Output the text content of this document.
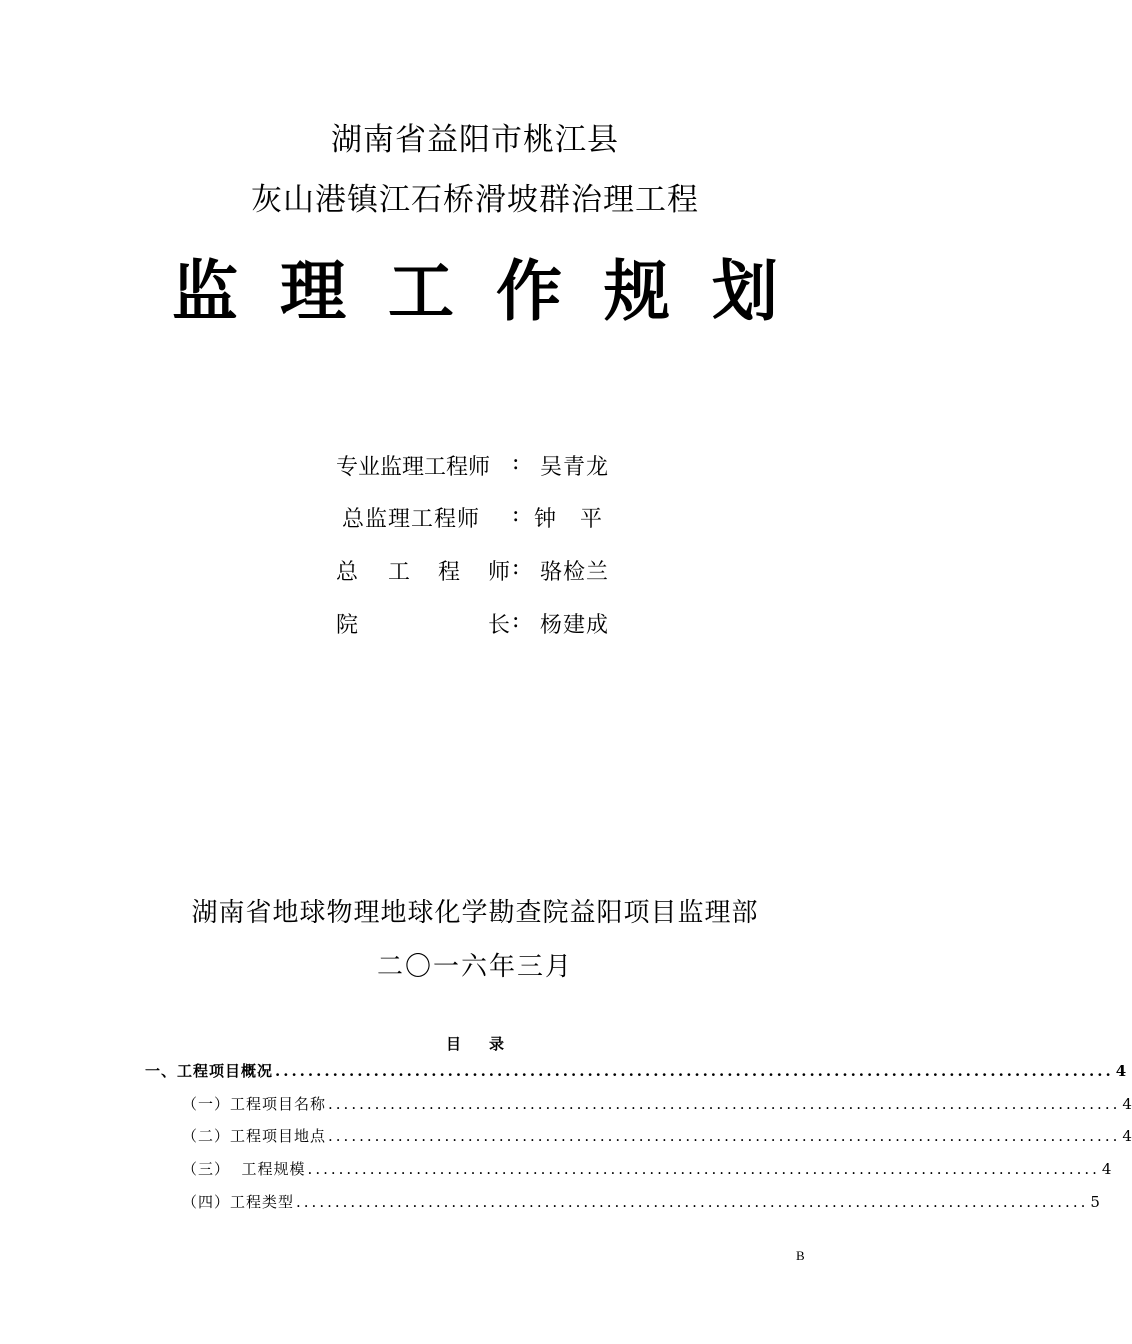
湖南省益阳市桃江县
灰山港镇江石桥滑坡群治理工程
监理工作规划
专业监理工程师 : 吴青龙
总监理工程师 : 钟　平
总 工 程 师 : 骆检兰
院	长 : 杨建成
湖南省地球物理地球化学勘查院益阳项目监理部
二〇一六年三月
目录
一、工程项目概况 ...................................................................................................... 4
（一）工程项目名称 ...................................................................................................... 4
（二）工程项目地点 ...................................................................................................... 4
（三）  工程规模 ...................................................................................................... 4
（四）工程类型 ...................................................................................................... 5
B
